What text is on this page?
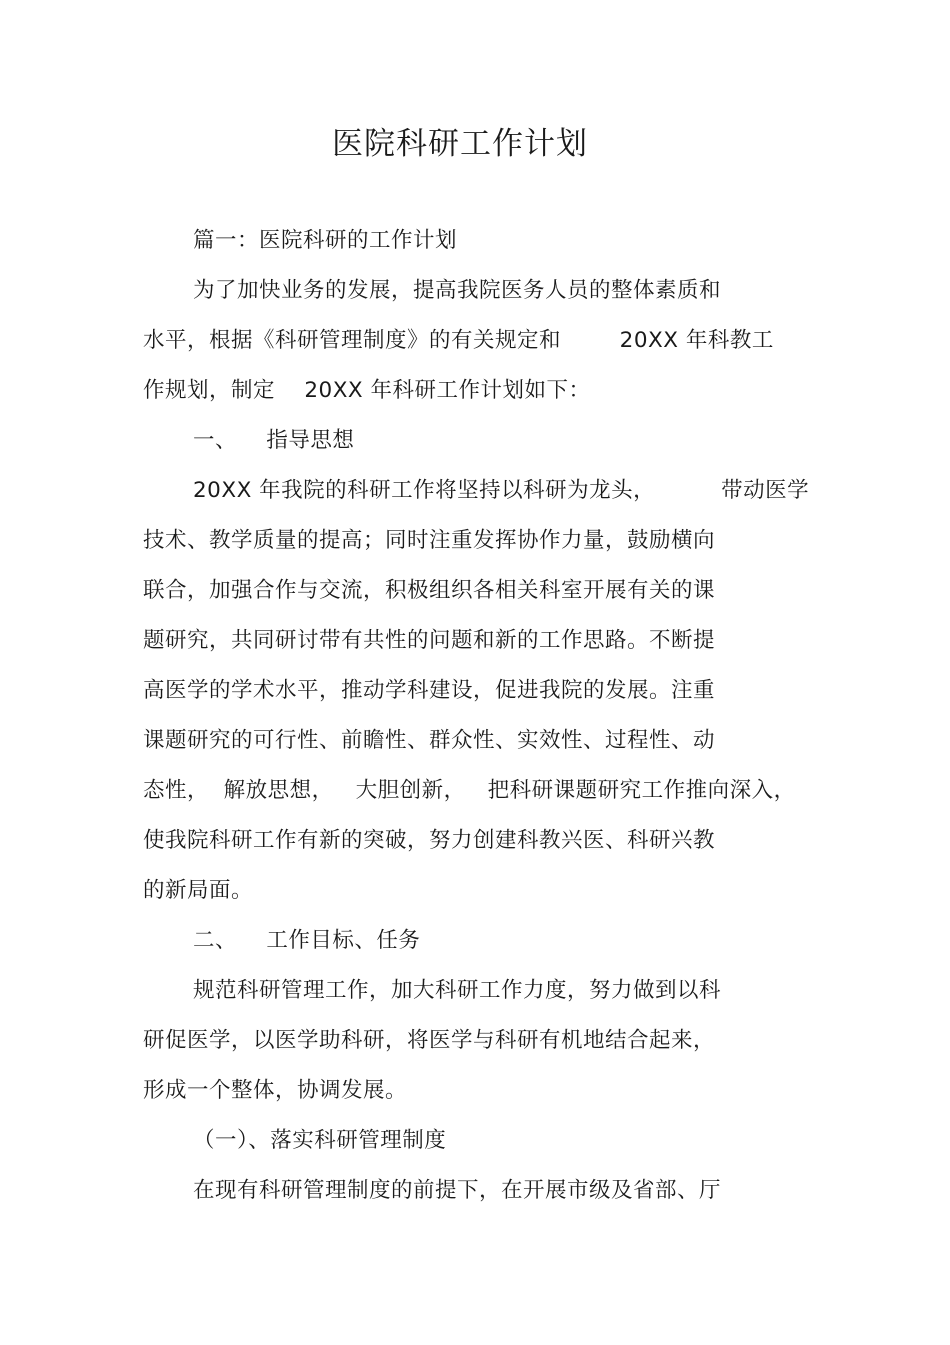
医院科研工作计划
篇一：医院科研的工作计划
为了加快业务的发展，提高我院医务人员的整体素质和
水平，根据《科研管理制度》的有关规定和        20XX 年科教工
作规划，制定    20XX 年科研工作计划如下：
一、    指导思想
20XX 年我院的科研工作将坚持以科研为龙头，         带动医学
技术、教学质量的提高；同时注重发挥协作力量，鼓励横向
联合，加强合作与交流，积极组织各相关科室开展有关的课
题研究，共同研讨带有共性的问题和新的工作思路。不断提
高医学的学术水平，推动学科建设，促进我院的发展。注重
课题研究的可行性、前瞻性、群众性、实效性、过程性、动
态性，  解放思想，   大胆创新，   把科研课题研究工作推向深入，
使我院科研工作有新的突破，努力创建科教兴医、科研兴教
的新局面。
二、    工作目标、任务
规范科研管理工作，加大科研工作力度，努力做到以科
研促医学，以医学助科研，将医学与科研有机地结合起来，
形成一个整体，协调发展。
（一）、落实科研管理制度
在现有科研管理制度的前提下，在开展市级及省部、厅
